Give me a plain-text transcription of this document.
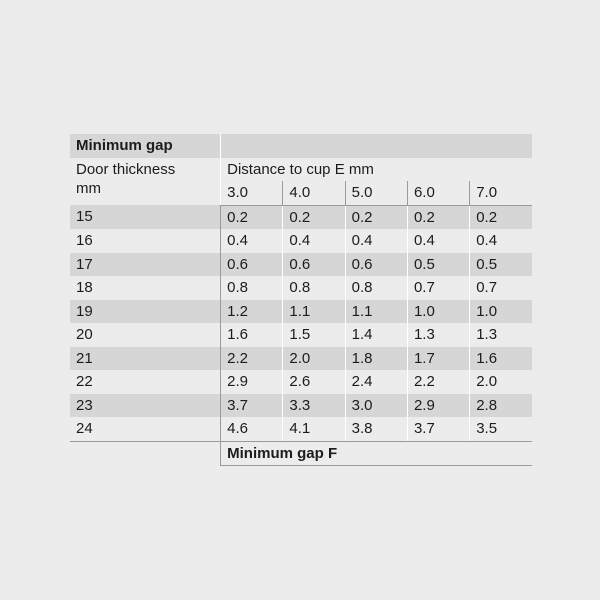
Minimum gap					

Door thickness
mm	Distance to cup E mm				
	3.0	4.0	5.0	6.0	7.0
15	0.2	0.2	0.2	0.2	0.2
16	0.4	0.4	0.4	0.4	0.4
17	0.6	0.6	0.6	0.5	0.5
18	0.8	0.8	0.8	0.7	0.7
19	1.2	1.1	1.1	1.0	1.0
20	1.6	1.5	1.4	1.3	1.3
21	2.2	2.0	1.8	1.7	1.6
22	2.9	2.6	2.4	2.2	2.0
23	3.7	3.3	3.0	2.9	2.8
24	4.6	4.1	3.8	3.7	3.5
	Minimum gap F				
